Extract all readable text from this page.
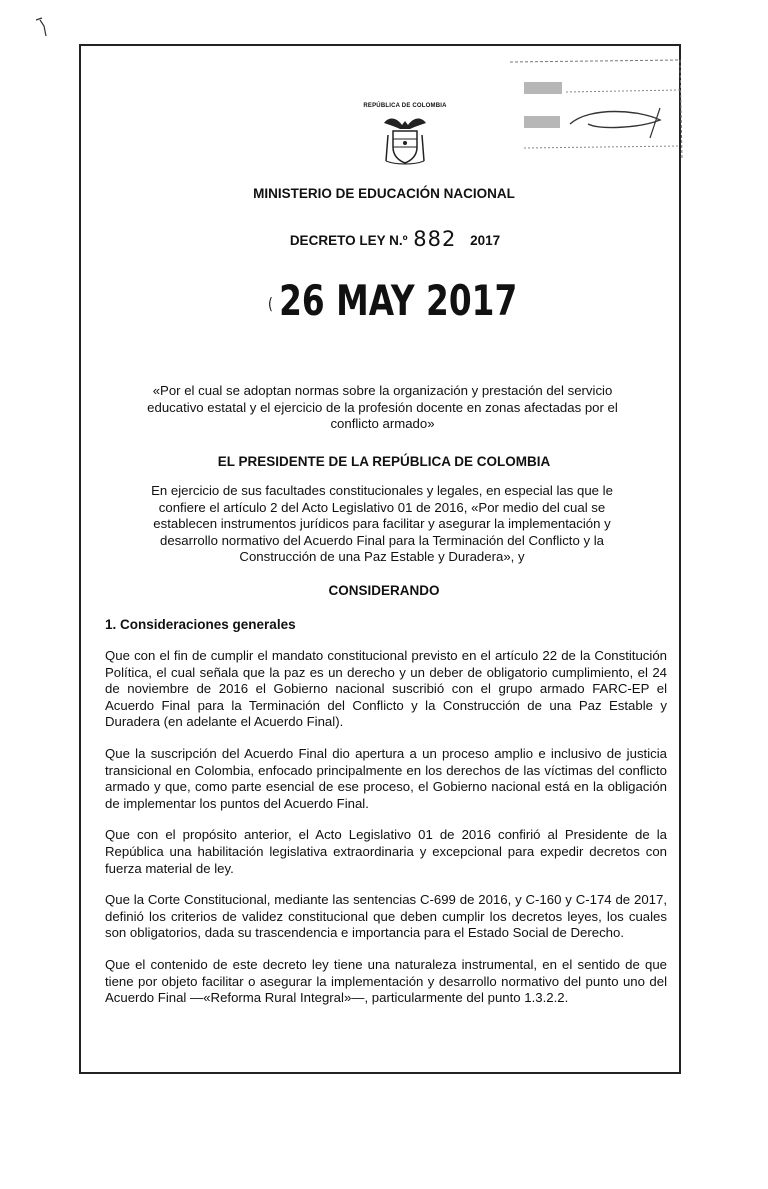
REPÚBLICA DE COLOMBIA
MINISTERIO DE EDUCACIÓN NACIONAL
DECRETO LEY N.º 882 2017
( 26 MAY 2017
«Por el cual se adoptan normas sobre la organización y prestación del servicio educativo estatal y el ejercicio de la profesión docente en zonas afectadas por el conflicto armado»
EL PRESIDENTE DE LA REPÚBLICA DE COLOMBIA
En ejercicio de sus facultades constitucionales y legales, en especial las que le confiere el artículo 2 del Acto Legislativo 01 de 2016, «Por medio del cual se establecen instrumentos jurídicos para facilitar y asegurar la implementación y desarrollo normativo del Acuerdo Final para la Terminación del Conflicto y la Construcción de una Paz Estable y Duradera», y
CONSIDERANDO
1. Consideraciones generales

Que con el fin de cumplir el mandato constitucional previsto en el artículo 22 de la Constitución Política, el cual señala que la paz es un derecho y un deber de obligatorio cumplimiento, el 24 de noviembre de 2016 el Gobierno nacional suscribió con el grupo armado FARC-EP el Acuerdo Final para la Terminación del Conflicto y la Construcción de una Paz Estable y Duradera (en adelante el Acuerdo Final).

Que la suscripción del Acuerdo Final dio apertura a un proceso amplio e inclusivo de justicia transicional en Colombia, enfocado principalmente en los derechos de las víctimas del conflicto armado y que, como parte esencial de ese proceso, el Gobierno nacional está en la obligación de implementar los puntos del Acuerdo Final.

Que con el propósito anterior, el Acto Legislativo 01 de 2016 confirió al Presidente de la República una habilitación legislativa extraordinaria y excepcional para expedir decretos con fuerza material de ley.

Que la Corte Constitucional, mediante las sentencias C-699 de 2016, y C-160 y C-174 de 2017, definió los criterios de validez constitucional que deben cumplir los decretos leyes, los cuales son obligatorios, dada su trascendencia e importancia para el Estado Social de Derecho.

Que el contenido de este decreto ley tiene una naturaleza instrumental, en el sentido de que tiene por objeto facilitar o asegurar la implementación y desarrollo normativo del punto uno del Acuerdo Final —«Reforma Rural Integral»—, particularmente del punto 1.3.2.2.
